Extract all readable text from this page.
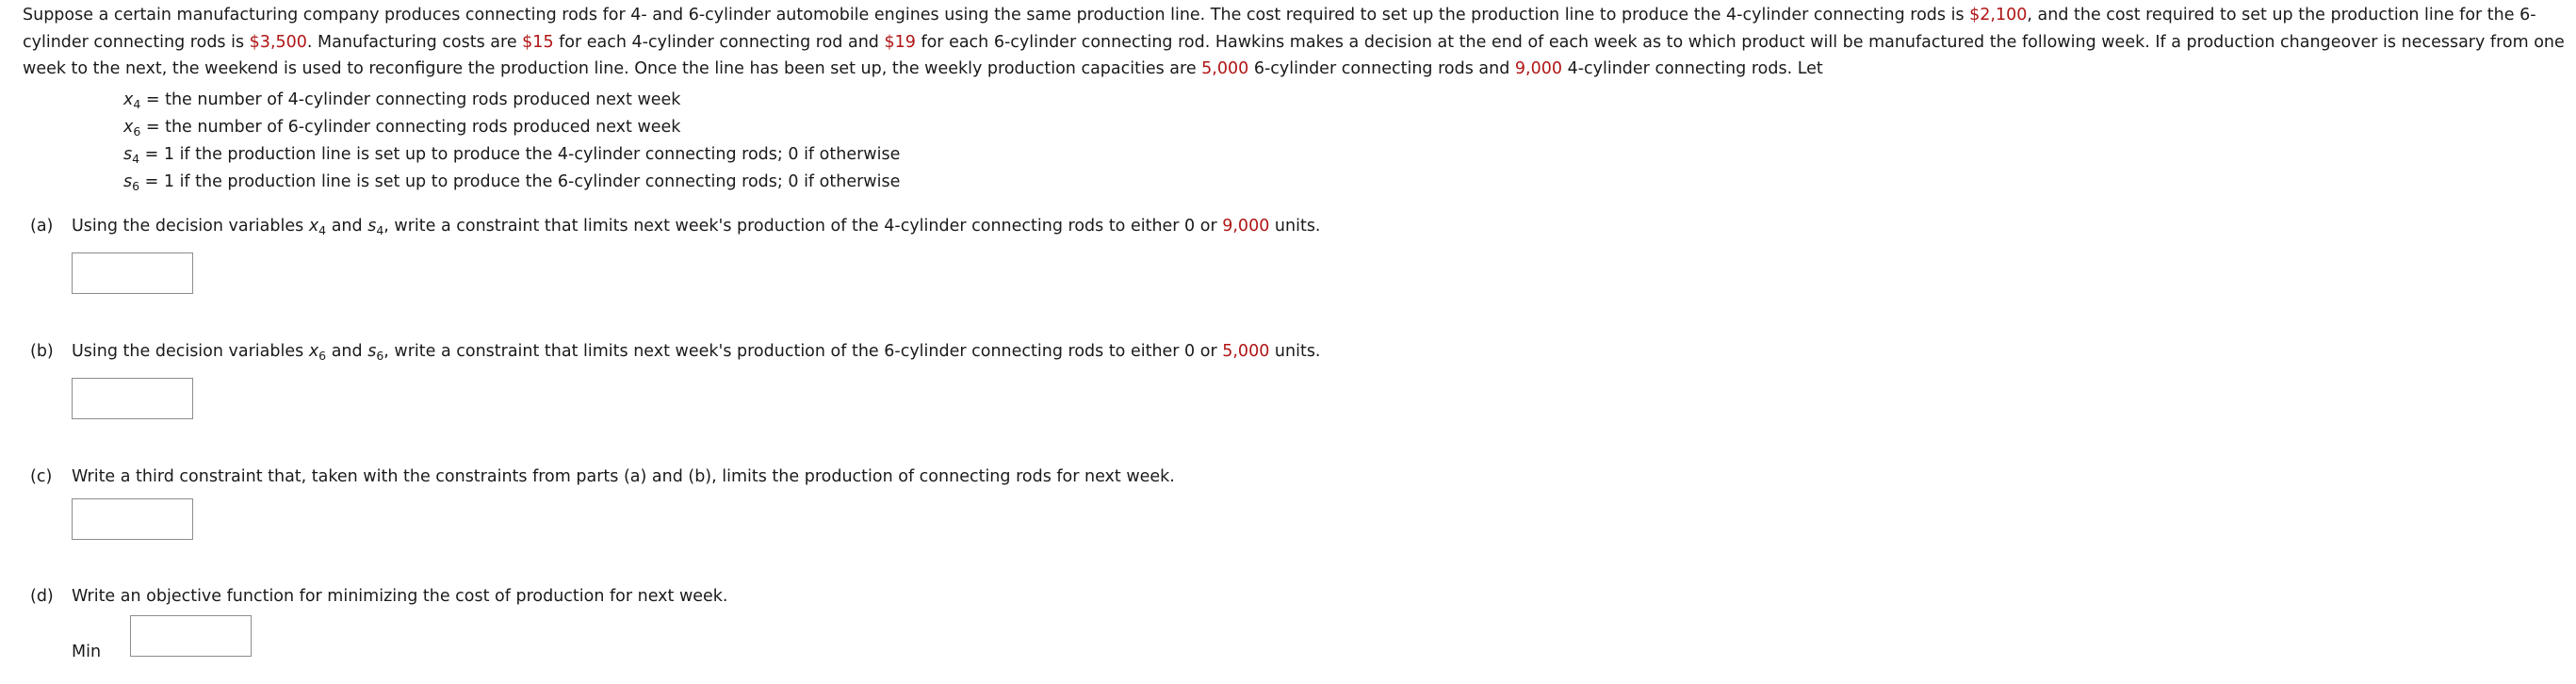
Suppose a certain manufacturing company produces connecting rods for 4- and 6-cylinder automobile engines using the same production line. The cost required to set up the production line to produce the 4-cylinder connecting rods is $2,100, and the cost required to set up the production line for the 6-cylinder connecting rods is $3,500. Manufacturing costs are $15 for each 4-cylinder connecting rod and $19 for each 6-cylinder connecting rod. Hawkins makes a decision at the end of each week as to which product will be manufactured the following week. If a production changeover is necessary from one week to the next, the weekend is used to reconfigure the production line. Once the line has been set up, the weekly production capacities are 5,000 6-cylinder connecting rods and 9,000 4-cylinder connecting rods. Let

$x_4$ = the number of 4-cylinder connecting rods produced next week
$x_6$ = the number of 6-cylinder connecting rods produced next week
$s_4 = 1$ if the production line is set up to produce the 4-cylinder connecting rods; 0 if otherwise
$s_6 = 1$ if the production line is set up to produce the 6-cylinder connecting rods; 0 if otherwise
(a) Using the decision variables $x_4$ and $s_4$, write a constraint that limits next week's production of the 4-cylinder connecting rods to either 0 or 9,000 units.
(b) Using the decision variables $x_6$ and $s_6$, write a constraint that limits next week's production of the 6-cylinder connecting rods to either 0 or 5,000 units.
(c) Write a third constraint that, taken with the constraints from parts (a) and (b), limits the production of connecting rods for next week.
(d) Write an objective function for minimizing the cost of production for next week.
Min
